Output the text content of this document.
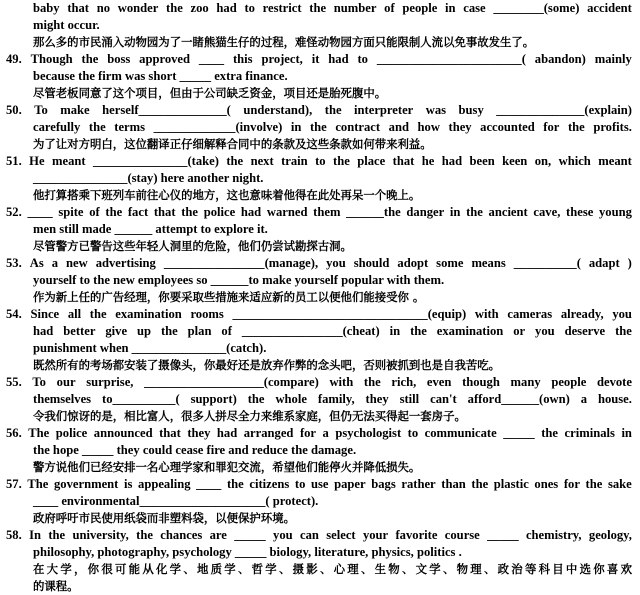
baby that no wonder the zoo had to restrict the number of people in case ________(some) accident
might occur.
那么多的市民涌入动物园为了一睹熊猫生仔的过程，难怪动物园方面只能限制人流以免事故发生了。
49. Though the boss approved ____ this project, it had to _______________________( abandon) mainly
because the firm was short _____ extra finance.
尽管老板同意了这个项目，但由于公司缺乏资金，项目还是胎死腹中。
50. To make herself______________( understand), the interpreter was busy ______________(explain)
carefully the terms _____________(involve) in the contract and how they accounted for the profits.
为了让对方明白，这位翻译正仔细解释合同中的条款及这些条款如何带来利益。
51. He meant _______________(take) the next train to the place that he had been keen on, which meant
_______________(stay) here another night.
他打算搭乘下班列车前往心仪的地方，这也意味着他得在此处再呆一个晚上。
52. ____ spite of the fact that the police had warned them ______the danger in the ancient cave, these young
men still made ______ attempt to explore it.
尽管警方已警告这些年轻人洞里的危险，他们仍尝试勘探古洞。
53. As a new advertising ________________(manage), you should adopt some means __________( adapt )
yourself to the new employees so ______to make yourself popular with them.
作为新上任的广告经理，你要采取些措施来适应新的员工以便他们能接受你 。
54. Since all the examination rooms _______________________________(equip) with cameras already, you
had better give up the plan of ________________(cheat) in the examination or you deserve the
punishment when _______________(catch).
既然所有的考场都安装了摄像头，你最好还是放弃作弊的念头吧，否则被抓到也是自我苦吃。
55. To our surprise, ___________________(compare) with the rich, even though many people devote
themselves to__________( support) the whole family, they still can't afford______(own) a house.
令我们惊讶的是，相比富人，很多人拼尽全力来维系家庭，但仍无法买得起一套房子。
56. The police announced that they had arranged for a psychologist to communicate _____ the criminals in
the hope _____ they could cease fire and reduce the damage.
警方说他们已经安排一名心理学家和罪犯交流，希望他们能停火并降低损失。
57. The government is appealing ____ the citizens to use paper bags rather than the plastic ones for the sake
____ environmental____________________( protect).
政府呼吁市民使用纸袋而非塑料袋，以便保护环境。
58. In the university, the chances are _____ you can select your favorite course _____ chemistry, geology,
philosophy, photography, psychology _____ biology, literature, physics, politics .
在大学，你很可能从化学、地质学、哲学、摄影、心理、生物、文学、物理、政治等科目中选你喜欢
的课程。
